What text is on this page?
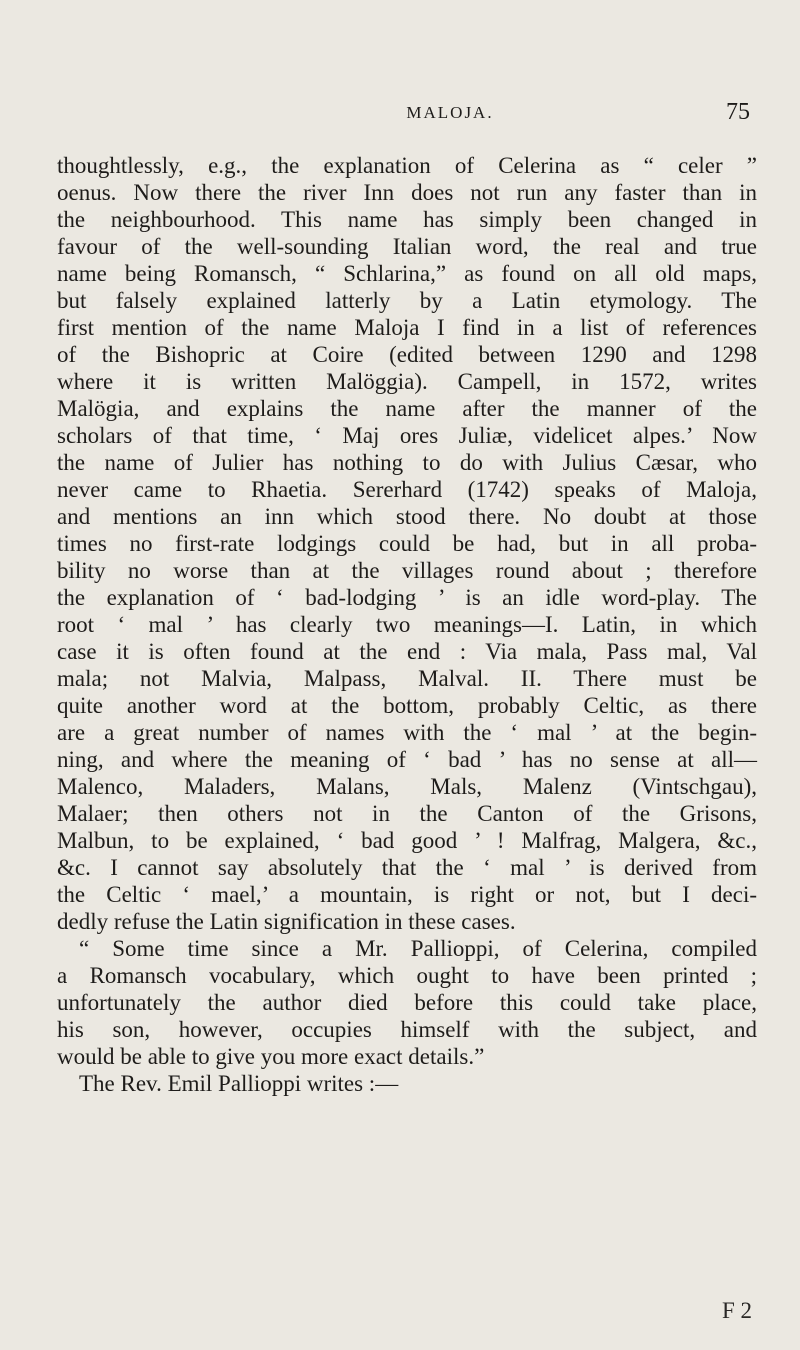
MALOJA.	75
thoughtlessly, e.g., the explanation of Celerina as “ celer ”
oenus. Now there the river Inn does not run any faster than in
the neighbourhood. This name has simply been changed in
favour of the well-sounding Italian word, the real and true
name being Romansch, “ Schlarina,” as found on all old maps,
but falsely explained latterly by a Latin etymology. The
first mention of the name Maloja I find in a list of references
of the Bishopric at Coire (edited between 1290 and 1298
where it is written Malöggia). Campell, in 1572, writes
Malögia, and explains the name after the manner of the
scholars of that time, ‘ Maj ores Juliæ, videlicet alpes.’ Now
the name of Julier has nothing to do with Julius Cæsar, who
never came to Rhaetia. Sererhard (1742) speaks of Maloja,
and mentions an inn which stood there. No doubt at those
times no first-rate lodgings could be had, but in all proba-
bility no worse than at the villages round about ; therefore
the explanation of ‘ bad-lodging ’ is an idle word-play. The
root ‘ mal ’ has clearly two meanings—I. Latin, in which
case it is often found at the end : Via mala, Pass mal, Val
mala; not Malvia, Malpass, Malval. II. There must be
quite another word at the bottom, probably Celtic, as there
are a great number of names with the ‘ mal ’ at the begin-
ning, and where the meaning of ‘ bad ’ has no sense at all—
Malenco, Maladers, Malans, Mals, Malenz (Vintschgau),
Malaer; then others not in the Canton of the Grisons,
Malbun, to be explained, ‘ bad good ’ ! Malfrag, Malgera, &c.,
&c. I cannot say absolutely that the ‘ mal ’ is derived from
the Celtic ‘ mael,’ a mountain, is right or not, but I deci-
dedly refuse the Latin signification in these cases.
“ Some time since a Mr. Pallioppi, of Celerina, compiled
a Romansch vocabulary, which ought to have been printed ;
unfortunately the author died before this could take place,
his son, however, occupies himself with the subject, and
would be able to give you more exact details.”
The Rev. Emil Pallioppi writes :—
F 2
